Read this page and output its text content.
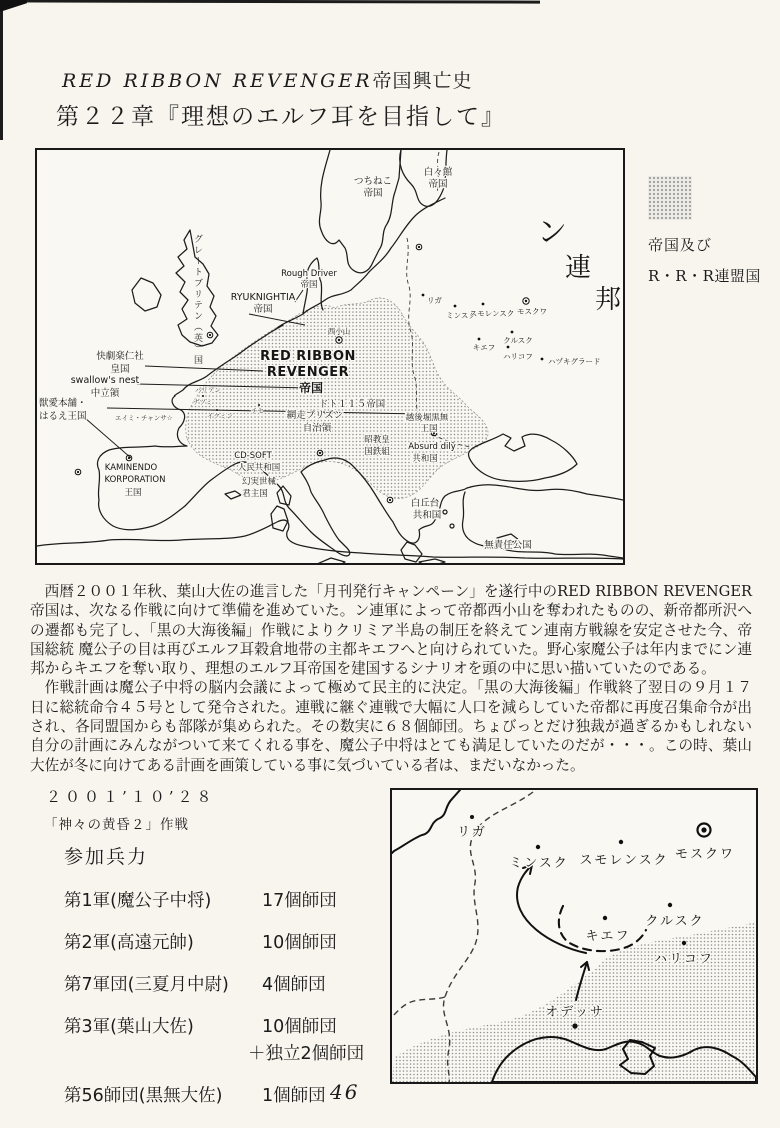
RED RIBBON REVENGER帝国興亡史
第２２章『理想のエルフ耳を目指して』
RED RIBBON
REVENGER
帝国
ン
連
邦
RYUKNIGHTIA
帝国
Rough Driver
帝国
つちねこ
帝国
白々館
帝国
快劇楽仁社
皇国
swallow's nest
中立領
獣愛本舗・
はるえ王国
KAMINENDO
KORPORATION
王国
CD-SOFT
人民共和国
幻実世械
君主国
ドト１１５帝国
網走プリズン
自治領
越後堀黒無
王国
昭教皇
国鉄組 Absurd dily
共和国
白丘台
共和国
無責任公国
西小山
リガ
ミンスク
スモレンスク モスクワ
キエフ
クルスク
ハリコフ
ハヅキグラード
ナツミ
イクミン
チセ
エイミ・チャンサ☆
パリアン
グレートブリテン（英）国	帝国及び
R・R・R連盟国

西暦２００１年秋、葉山大佐の進言した「月刊発行キャンペーン」を遂行中のRED RIBBON REVENGER帝国は、次なる作戦に向けて準備を進めていた。ン連軍によって帝都西小山を奪われたものの、新帝都所沢への遷都も完了し、「黒の大海後編」作戦によりクリミア半島の制圧を終えてン連南方戦線を安定させた今、帝国総統 魔公子の目は再びエルフ耳穀倉地帯の主都キエフへと向けられていた。野心家魔公子は年内までにン連邦からキエフを奪い取り、理想のエルフ耳帝国を建国するシナリオを頭の中に思い描いていたのである。

作戦計画は魔公子中将の脳内会議によって極めて民主的に決定。「黒の大海後編」作戦終了翌日の９月１７日に総統命令４５号として発令された。連戦に継ぐ連戦で大幅に人口を減らしていた帝都に再度召集命令が出され、各同盟国からも部隊が集められた。その数実に６８個師団。ちょびっとだけ独裁が過ぎるかもしれない自分の計画にみんながついて来てくれる事を、魔公子中将はとても満足していたのだが・・・。この時、葉山大佐が冬に向けてある計画を画策している事に気づいている者は、まだいなかった。

２００１’１０’２８
「神々の黄昏２」作戦
参加兵力
第1軍(魔公子中将)	17個師団
第2軍(高遠元帥)	10個師団
第7軍団(三夏月中尉)	4個師団
第3軍(葉山大佐)	10個師団
＋独立2個師団
第56師団(黒無大佐)	1個師団
リガ
ミンスク スモレンスク モスクワ
クルスク
キエフ
ハリコフ
オデッサ
46
